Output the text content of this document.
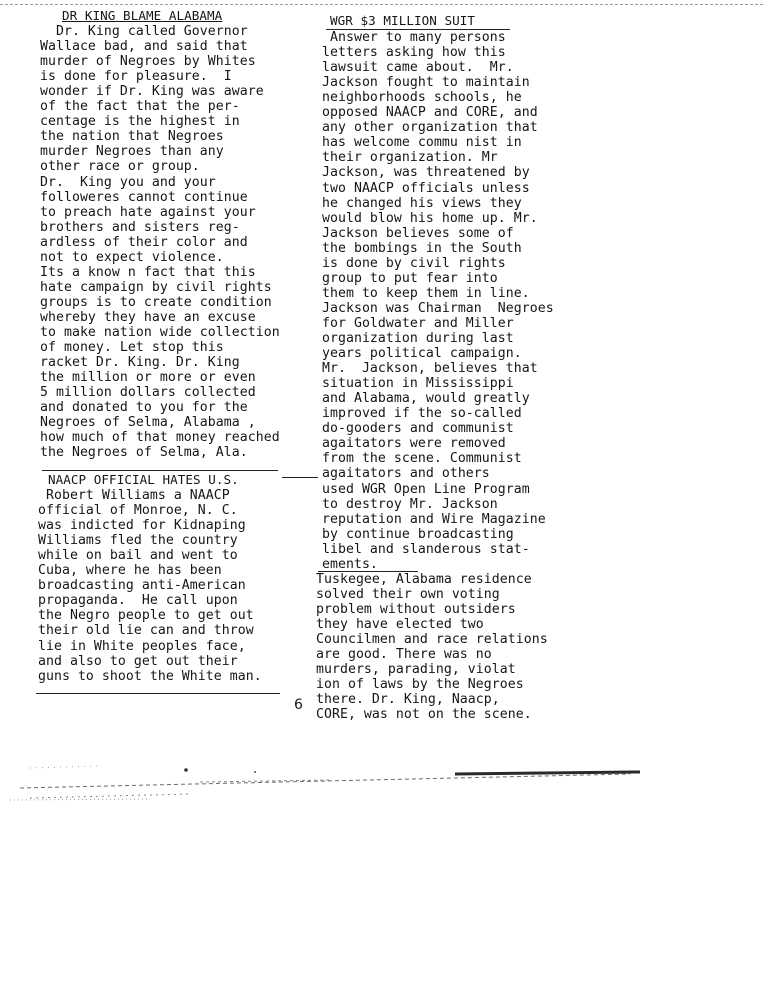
DR KING BLAME ALABAMA
Dr. King called Governor
Wallace bad, and said that
murder of Negroes by Whites
is done for pleasure.  I
wonder if Dr. King was aware
of the fact that the per-
centage is the highest in
the nation that Negroes
murder Negroes than any
other race or group.
Dr.  King you and your
followeres cannot continue
to preach hate against your
brothers and sisters reg-
ardless of their color and
not to expect violence.
Its a know n fact that this
hate campaign by civil rights
groups is to create condition
whereby they have an excuse
to make nation wide collection
of money. Let stop this
racket Dr. King. Dr. King
the million or more or even
5 million dollars collected
and donated to you for the
Negroes of Selma, Alabama ,
how much of that money reached
the Negroes of Selma, Ala.
NAACP OFFICIAL HATES U.S.
Robert Williams a NAACP
official of Monroe, N. C.
was indicted for Kidnaping
Williams fled the country
while on bail and went to
Cuba, where he has been
broadcasting anti-American
propaganda.  He call upon
the Negro people to get out
their old lie can and throw
lie in White peoples face,
and also to get out their
guns to shoot the White man.
WGR $3 MILLION SUIT
Answer to many persons
letters asking how this
lawsuit came about.  Mr.
Jackson fought to maintain
neighborhoods schools, he
opposed NAACP and CORE, and
any other organization that
has welcome commu nist in
their organization. Mr
Jackson, was threatened by
two NAACP officials unless
he changed his views they
would blow his home up. Mr.
Jackson believes some of
the bombings in the South
is done by civil rights
group to put fear into
them to keep them in line.
Jackson was Chairman  Negroes
for Goldwater and Miller
organization during last
years political campaign.
Mr.  Jackson, believes that
situation in Mississippi
and Alabama, would greatly
improved if the so-called
do-gooders and communist
agaitators were removed
from the scene. Communist
agaitators and others
used WGR Open Line Program
to destroy Mr. Jackson
reputation and Wire Magazine
by continue broadcasting
libel and slanderous stat-
ements.
Tuskegee, Alabama residence
solved their own voting
problem without outsiders
they have elected two
Councilmen and race relations
are good. There was no
murders, parading, violat
ion of laws by the Negroes
there. Dr. King, Naacp,
CORE, was not on the scene.
6
